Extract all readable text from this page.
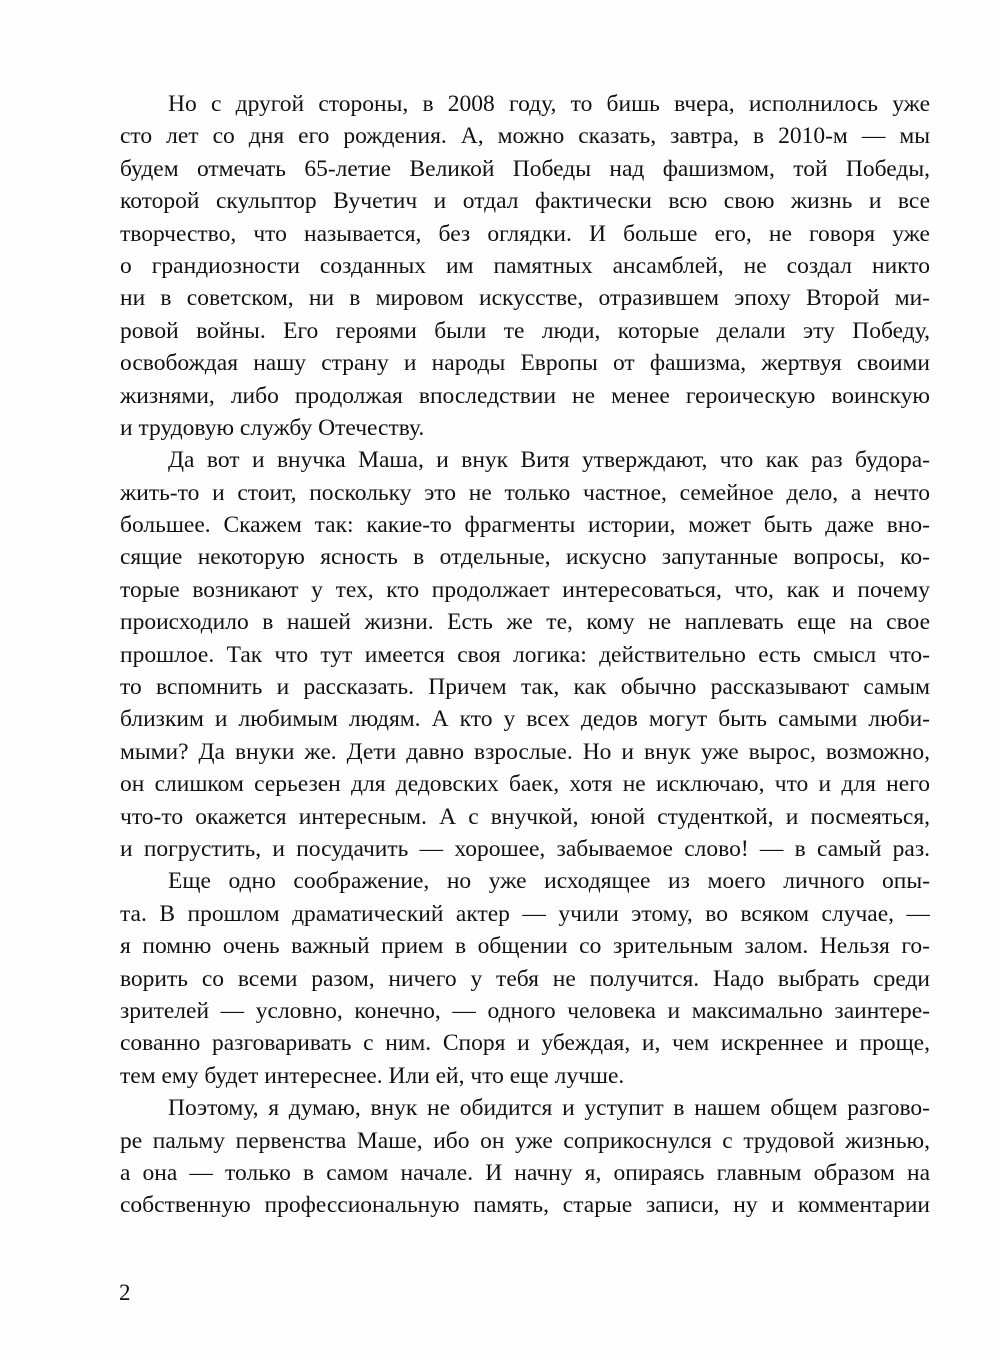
Но с другой стороны, в 2008 году, то бишь вчера, исполнилось уже
сто лет со дня его рождения. А, можно сказать, завтра, в 2010-м — мы
будем отмечать 65-летие Великой Победы над фашизмом, той Победы,
которой скульптор Вучетич и отдал фактически всю свою жизнь и все
творчество, что называется, без оглядки. И больше его, не говоря уже
о грандиозности созданных им памятных ансамблей, не создал никто
ни в советском, ни в мировом искусстве, отразившем эпоху Второй ми-
ровой войны. Его героями были те люди, которые делали эту Победу,
освобождая нашу страну и народы Европы от фашизма, жертвуя своими
жизнями, либо продолжая впоследствии не менее героическую воинскую
и трудовую службу Отечеству.
Да вот и внучка Маша, и внук Витя утверждают, что как раз будора-
жить-то и стоит, поскольку это не только частное, семейное дело, а нечто
большее. Скажем так: какие-то фрагменты истории, может быть даже вно-
сящие некоторую ясность в отдельные, искусно запутанные вопросы, ко-
торые возникают у тех, кто продолжает интересоваться, что, как и почему
происходило в нашей жизни. Есть же те, кому не наплевать еще на свое
прошлое. Так что тут имеется своя логика: действительно есть смысл что-
то вспомнить и рассказать. Причем так, как обычно рассказывают самым
близким и любимым людям. А кто у всех дедов могут быть самыми люби-
мыми? Да внуки же. Дети давно взрослые. Но и внук уже вырос, возможно,
он слишком серьезен для дедовских баек, хотя не исключаю, что и для него
что-то окажется интересным. А с внучкой, юной студенткой, и посмеяться,
и погрустить, и посудачить — хорошее, забываемое слово! — в самый раз.
Еще одно соображение, но уже исходящее из моего личного опы-
та. В прошлом драматический актер — учили этому, во всяком случае, —
я помню очень важный прием в общении со зрительным залом. Нельзя го-
ворить со всеми разом, ничего у тебя не получится. Надо выбрать среди
зрителей — условно, конечно, — одного человека и максимально заинтере-
сованно разговаривать с ним. Споря и убеждая, и, чем искреннее и проще,
тем ему будет интереснее. Или ей, что еще лучше.
Поэтому, я думаю, внук не обидится и уступит в нашем общем разгово-
ре пальму первенства Маше, ибо он уже соприкоснулся с трудовой жизнью,
а она — только в самом начале. И начну я, опираясь главным образом на
собственную профессиональную память, старые записи, ну и комментарии
2
